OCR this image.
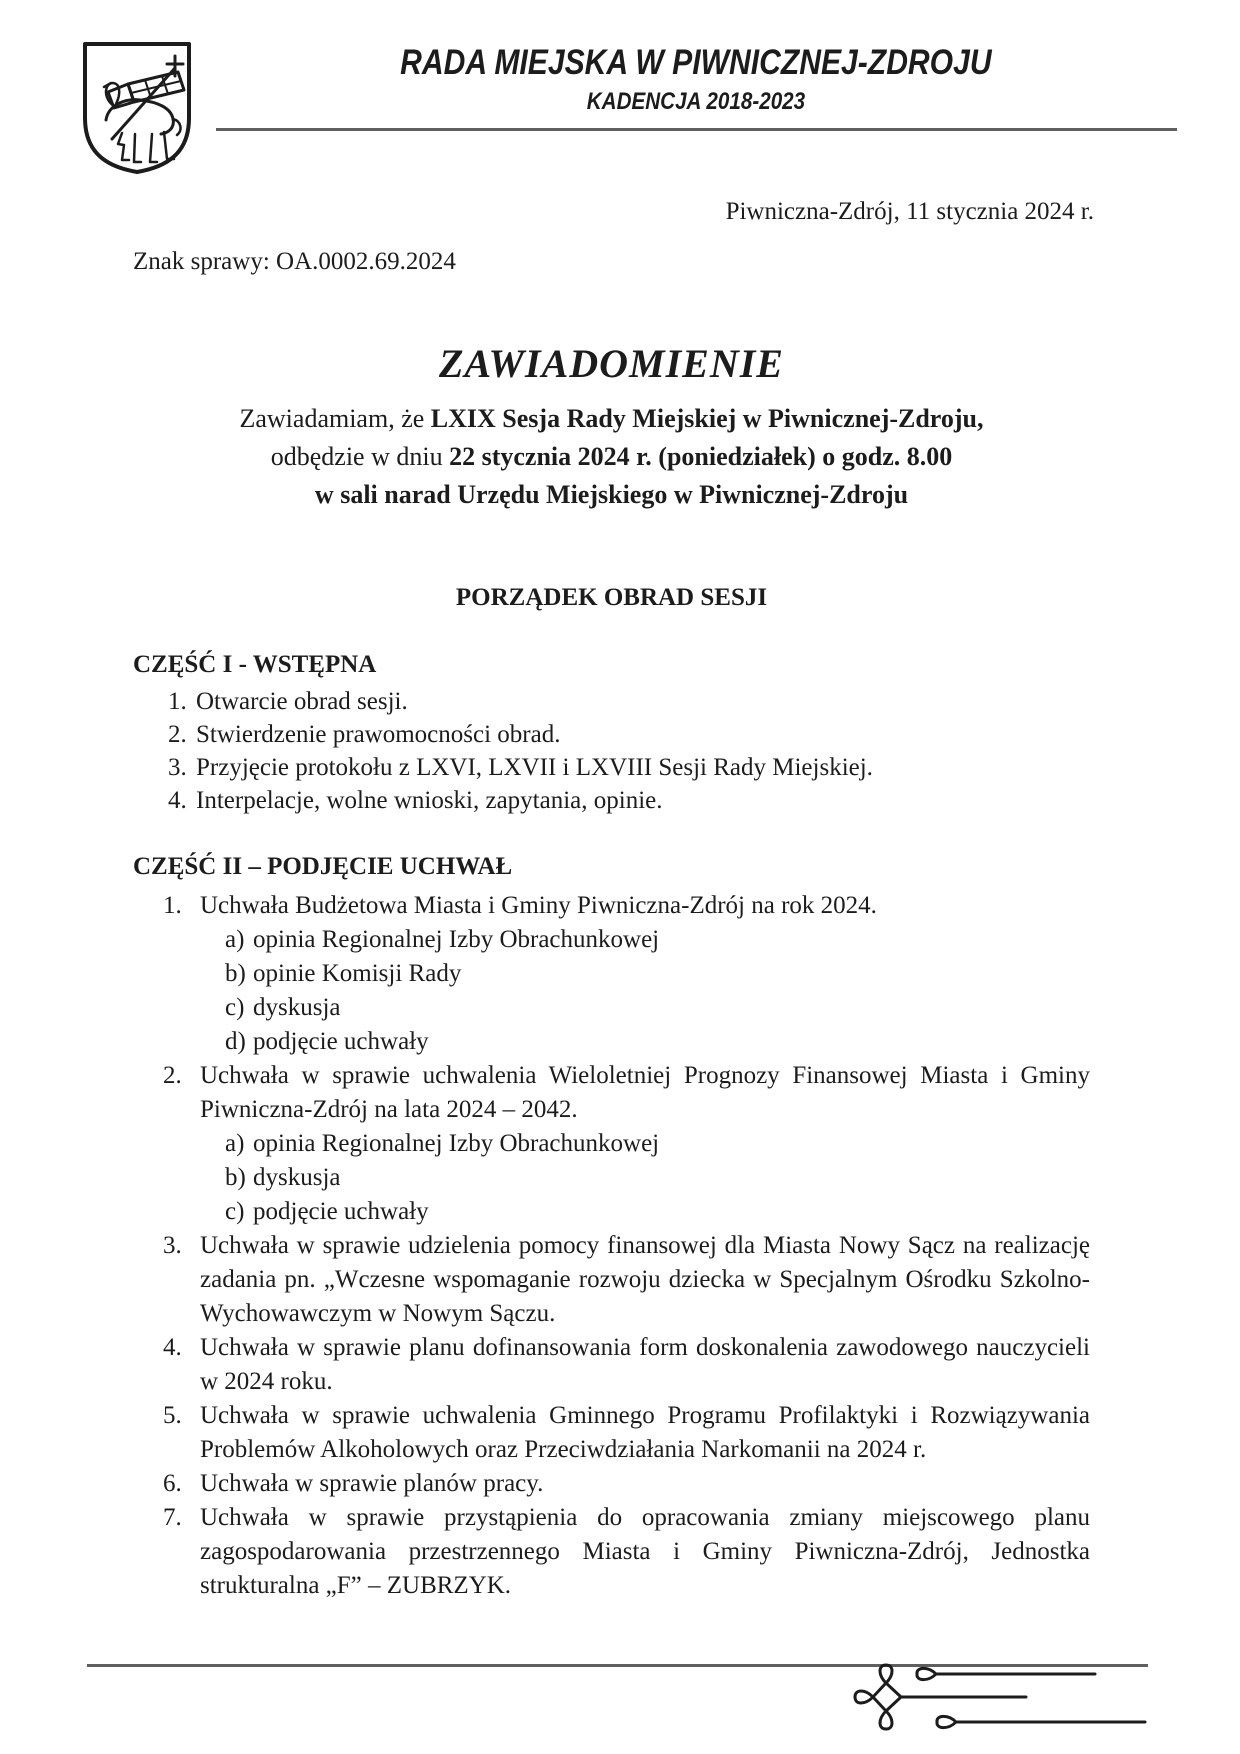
RADA MIEJSKA W PIWNICZNEJ-ZDROJU
KADENCJA 2018-2023
Piwniczna-Zdrój, 11 stycznia 2024 r.
Znak sprawy: OA.0002.69.2024
ZAWIADOMIENIE
Zawiadamiam, że LXIX Sesja Rady Miejskiej w Piwnicznej-Zdroju,
odbędzie w dniu 22 stycznia 2024 r. (poniedziałek) o godz. 8.00
w sali narad Urzędu Miejskiego w Piwnicznej-Zdroju
PORZĄDEK OBRAD SESJI
CZĘŚĆ I - WSTĘPNA
1. Otwarcie obrad sesji.
2. Stwierdzenie prawomocności obrad.
3. Przyjęcie protokołu z LXVI, LXVII i LXVIII Sesji Rady Miejskiej.
4. Interpelacje, wolne wnioski, zapytania, opinie.
CZĘŚĆ II – PODJĘCIE UCHWAŁ
1. Uchwała Budżetowa Miasta i Gminy Piwniczna-Zdrój na rok 2024.
a) opinia Regionalnej Izby Obrachunkowej
b) opinie Komisji Rady
c) dyskusja
d) podjęcie uchwały
2. Uchwała w sprawie uchwalenia Wieloletniej Prognozy Finansowej Miasta i Gminy Piwniczna-Zdrój na lata 2024 – 2042.
a) opinia Regionalnej Izby Obrachunkowej
b) dyskusja
c) podjęcie uchwały
3. Uchwała w sprawie udzielenia pomocy finansowej dla Miasta Nowy Sącz na realizację zadania pn. „Wczesne wspomaganie rozwoju dziecka w Specjalnym Ośrodku Szkolno-Wychowawczym w Nowym Sączu.
4. Uchwała w sprawie planu dofinansowania form doskonalenia zawodowego nauczycieli w 2024 roku.
5. Uchwała w sprawie uchwalenia Gminnego Programu Profilaktyki i Rozwiązywania Problemów Alkoholowych oraz Przeciwdziałania Narkomanii na 2024 r.
6. Uchwała w sprawie planów pracy.
7. Uchwała w sprawie przystąpienia do opracowania zmiany miejscowego planu zagospodarowania przestrzennego Miasta i Gminy Piwniczna-Zdrój, Jednostka strukturalna „F” – ZUBRZYK.
